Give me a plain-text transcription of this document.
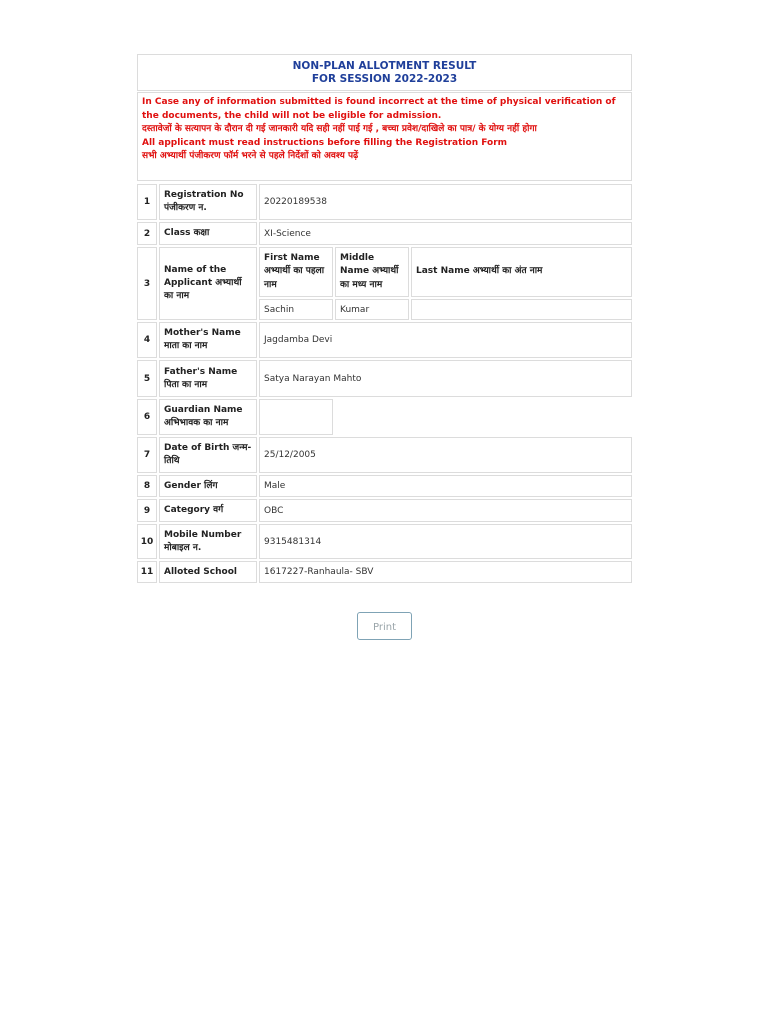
NON-PLAN ALLOTMENT RESULT
FOR SESSION 2022-2023
In Case any of information submitted is found incorrect at the time of physical verification of the documents, the child will not be eligible for admission.
दस्तावेजों के सत्यापन के दौरान दी गई जानकारी यदि सही नहीं पाई गई , बच्चा प्रवेश/दाखिले का पात्र/ के योग्य नहीं होगा
All applicant must read instructions before filling the Registration Form
सभी अभ्यार्थी पंजीकरण फॉर्म भरने से पहले निर्देशों को अवश्य पढ़ें
1	Registration No पंजीकरण न.	20220189538		
2	Class कक्षा	XI-Science		
3	Name of the Applicant अभ्यार्थी का नाम	First Name अभ्यार्थी का पहला नाम	Middle Name अभ्यार्थी का मध्य नाम	Last Name अभ्यार्थी का अंत नाम
		Sachin	Kumar	
4	Mother's Name माता का नाम	Jagdamba Devi		
5	Father's Name पिता का नाम	Satya Narayan Mahto		
6	Guardian Name अभिभावक का नाम			
7	Date of Birth जन्म-तिथि	25/12/2005		
8	Gender लिंग	Male		
9	Category वर्ग	OBC		
10	Mobile Number मोबाइल न.	9315481314		
11	Alloted School	1617227-Ranhaula- SBV		
Print
